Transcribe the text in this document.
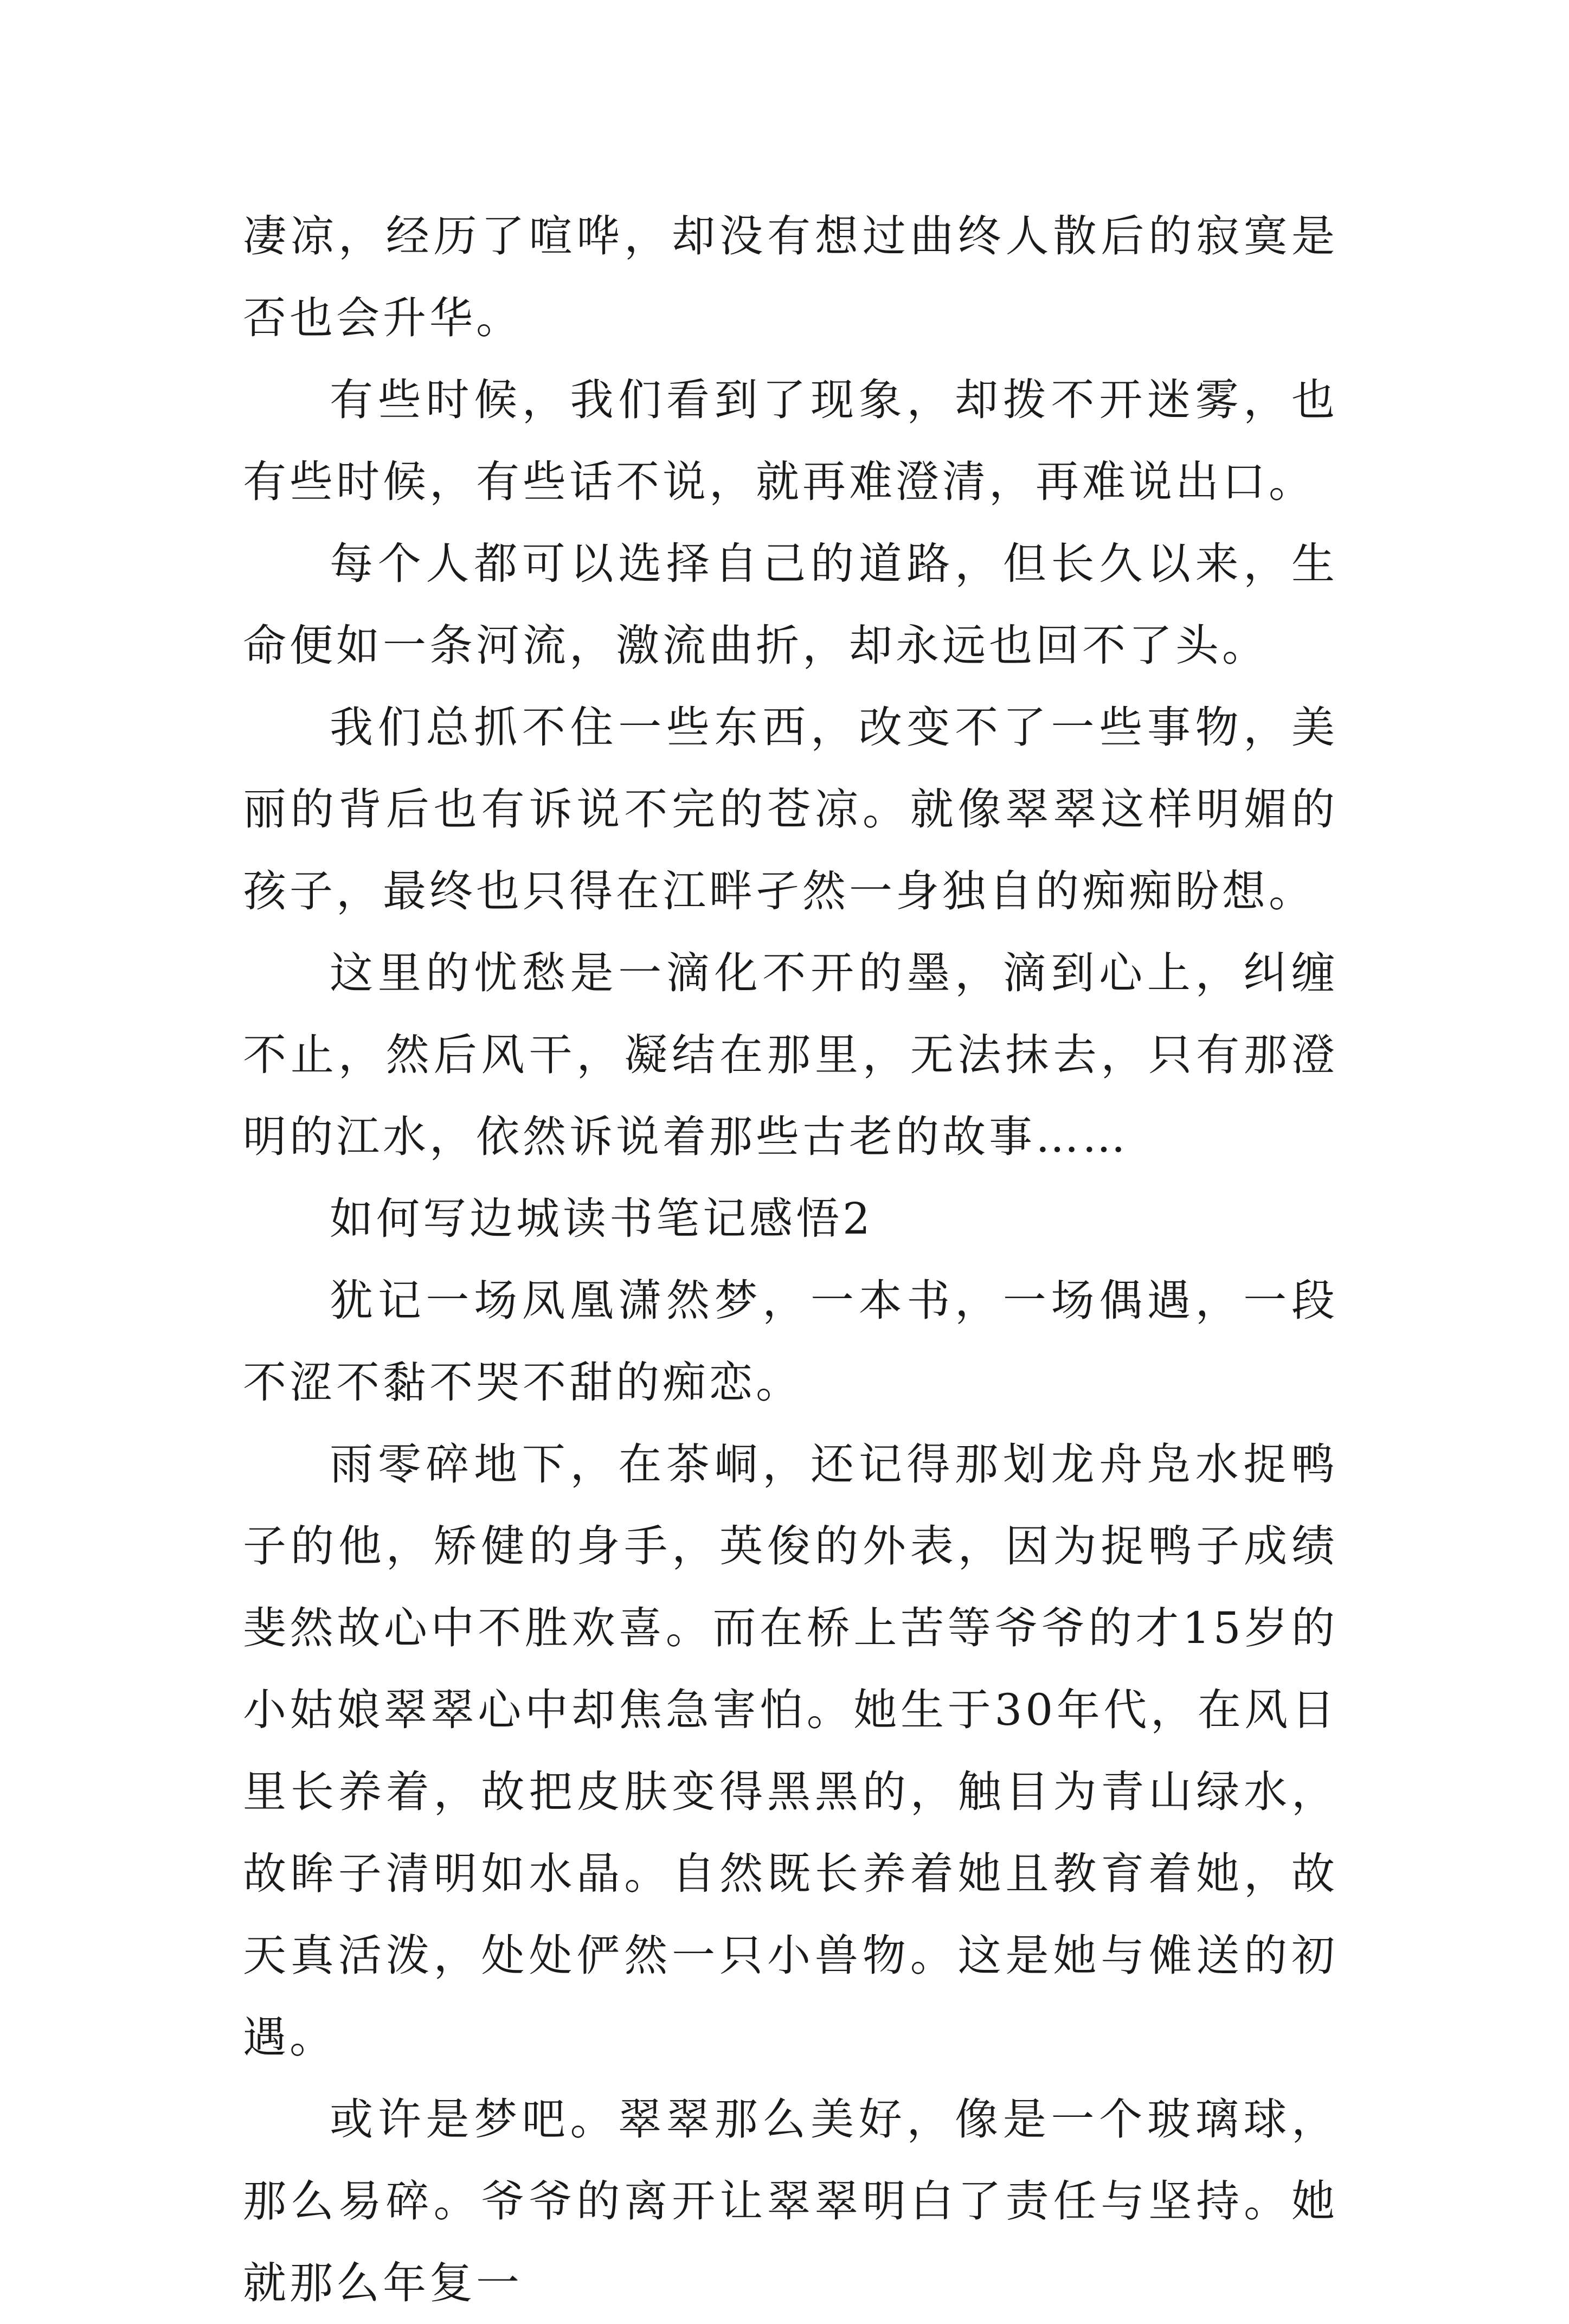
凄凉，经历了喧哗，却没有想过曲终人散后的寂寞是否也会升华。

有些时候，我们看到了现象，却拨不开迷雾，也有些时候，有些话不说，就再难澄清，再难说出口。

每个人都可以选择自己的道路，但长久以来，生命便如一条河流，激流曲折，却永远也回不了头。

我们总抓不住一些东西，改变不了一些事物，美丽的背后也有诉说不完的苍凉。就像翠翠这样明媚的孩子，最终也只得在江畔孑然一身独自的痴痴盼想。

这里的忧愁是一滴化不开的墨，滴到心上，纠缠不止，然后风干，凝结在那里，无法抹去，只有那澄明的江水，依然诉说着那些古老的故事……

如何写边城读书笔记感悟2

犹记一场凤凰潇然梦，一本书，一场偶遇，一段不涩不黏不哭不甜的痴恋。

雨零碎地下，在茶峒，还记得那划龙舟凫水捉鸭子的他，矫健的身手，英俊的外表，因为捉鸭子成绩斐然故心中不胜欢喜。而在桥上苦等爷爷的才15岁的小姑娘翠翠心中却焦急害怕。她生于30年代，在风日里长养着，故把皮肤变得黑黑的，触目为青山绿水，故眸子清明如水晶。自然既长养着她且教育着她，故天真活泼，处处俨然一只小兽物。这是她与傩送的初遇。

或许是梦吧。翠翠那么美好，像是一个玻璃球，那么易碎。爷爷的离开让翠翠明白了责任与坚持。她就那么年复一
